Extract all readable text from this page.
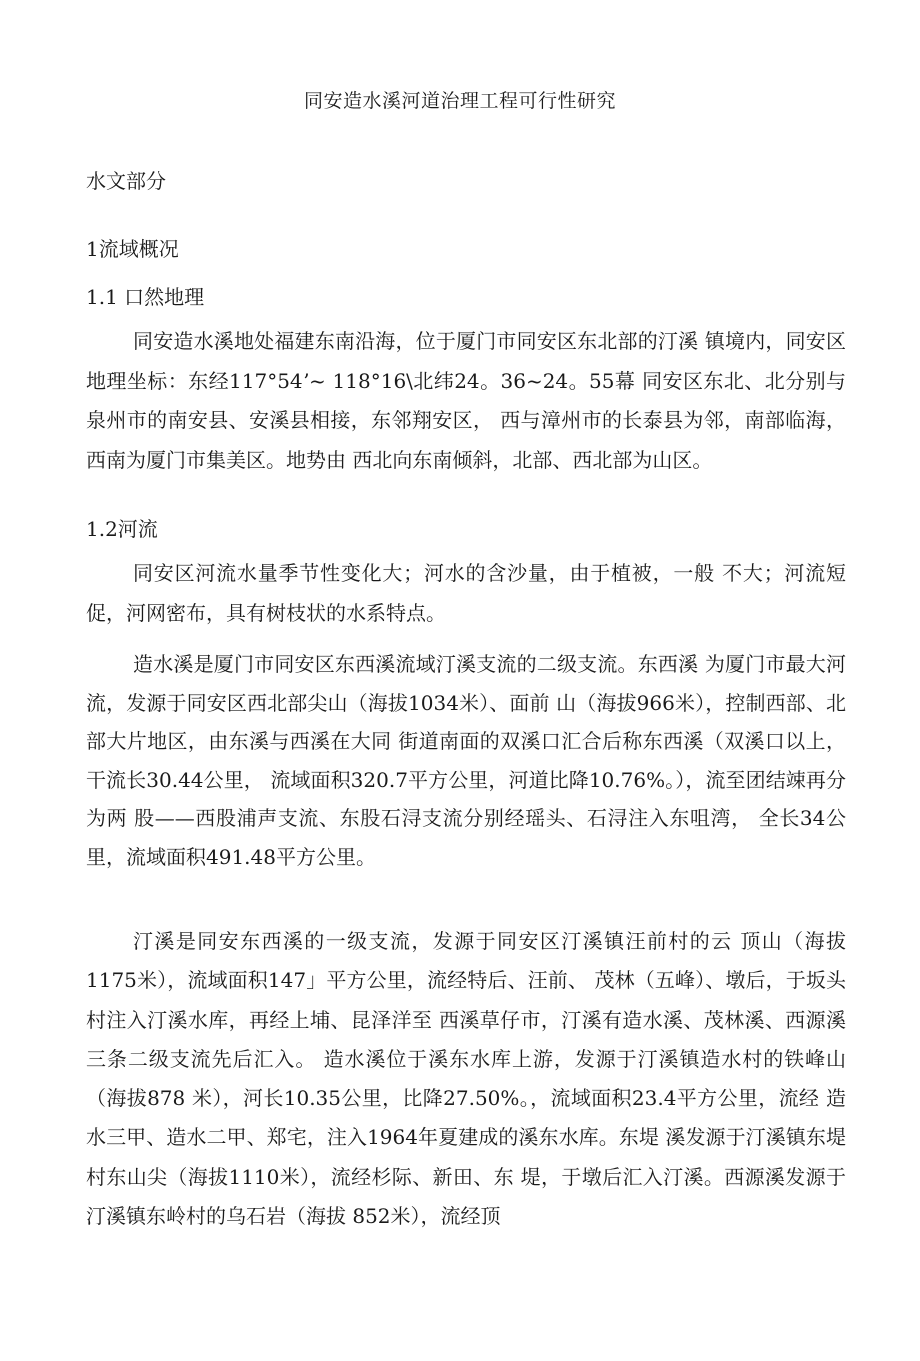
同安造水溪河道治理工程可行性研究
水文部分
1流域概况
1.1 口然地理

同安造水溪地处福建东南沿海，位于厦门市同安区东北部的汀溪 镇境内，同安区地理坐标：东经117°54ʼ~ 118°16\北纬24。36~24。55幕 同安区东北、北分别与泉州市的南安县、安溪县相接，东邻翔安区， 西与漳州市的长泰县为邻，南部临海，西南为厦门市集美区。地势由 西北向东南倾斜，北部、西北部为山区。

1.2河流

同安区河流水量季节性变化大；河水的含沙量，由于植被，一般 不大；河流短促，河网密布，具有树枝状的水系特点。

造水溪是厦门市同安区东西溪流域汀溪支流的二级支流。东西溪 为厦门市最大河流，发源于同安区西北部尖山（海拔1034米）、面前 山（海拔966米），控制西部、北部大片地区，由东溪与西溪在大同 街道南面的双溪口汇合后称东西溪（双溪口以上，干流长30.44公里， 流域面积320.7平方公里，河道比降10.76%。），流至团结竦再分为两 股——西股浦声支流、东股石浔支流分别经瑶头、石浔注入东咀湾， 全长34公里，流域面积491.48平方公里。

汀溪是同安东西溪的一级支流，发源于同安区汀溪镇汪前村的云 顶山（海拔1175米），流域面积147」平方公里，流经特后、汪前、 茂林（五峰）、墩后，于坂头村注入汀溪水库，再经上埔、昆泽洋至 西溪草仔市，汀溪有造水溪、茂林溪、西源溪三条二级支流先后汇入。 造水溪位于溪东水库上游，发源于汀溪镇造水村的铁峰山（海拔878 米），河长10.35公里，比降27.50%。，流域面积23.4平方公里，流经 造水三甲、造水二甲、郑宅，注入1964年夏建成的溪东水库。东堤 溪发源于汀溪镇东堤村东山尖（海拔1110米），流经杉际、新田、东 堤，于墩后汇入汀溪。西源溪发源于汀溪镇东岭村的乌石岩（海拔 852米），流经顶
